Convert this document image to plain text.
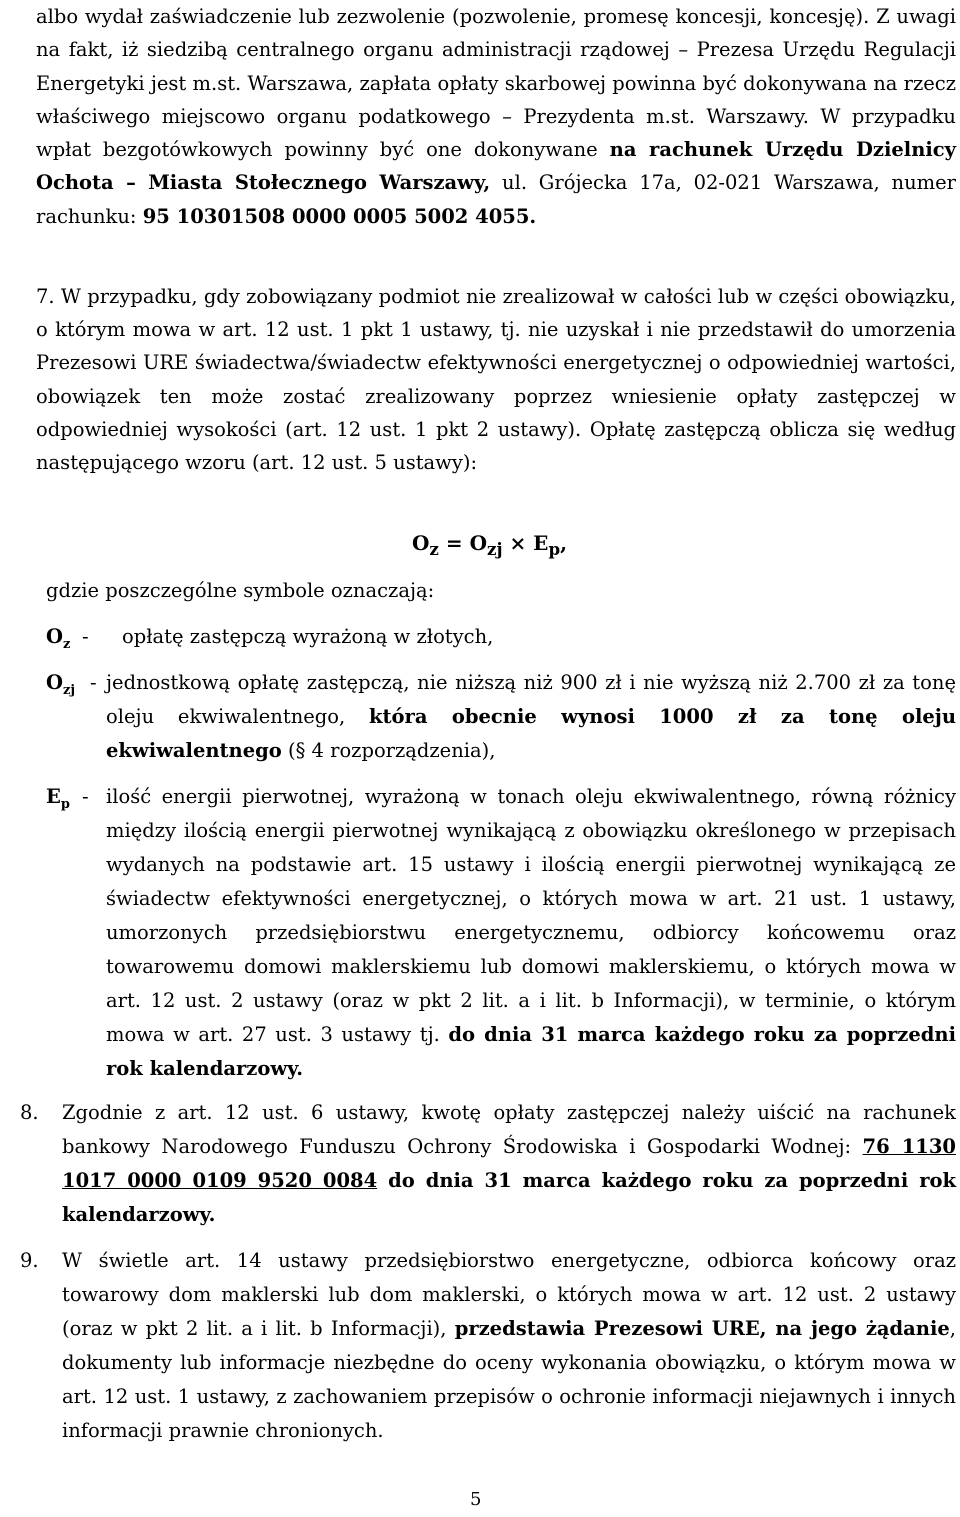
albo wydał zaświadczenie lub zezwolenie (pozwolenie, promesę koncesji, koncesję). Z uwagi na fakt, iż siedzibą centralnego organu administracji rządowej – Prezesa Urzędu Regulacji Energetyki jest m.st. Warszawa, zapłata opłaty skarbowej powinna być dokonywana na rzecz właściwego miejscowo organu podatkowego – Prezydenta m.st. Warszawy. W przypadku wpłat bezgotówkowych powinny być one dokonywane na rachunek Urzędu Dzielnicy Ochota – Miasta Stołecznego Warszawy, ul. Grójecka 17a, 02-021 Warszawa, numer rachunku: 95 10301508 0000 0005 5002 4055.

7. W przypadku, gdy zobowiązany podmiot nie zrealizował w całości lub w części obowiązku, o którym mowa w art. 12 ust. 1 pkt 1 ustawy, tj. nie uzyskał i nie przedstawił do umorzenia Prezesowi URE świadectwa/świadectw efektywności energetycznej o odpowiedniej wartości, obowiązek ten może zostać zrealizowany poprzez wniesienie opłaty zastępczej w odpowiedniej wysokości (art. 12 ust. 1 pkt 2 ustawy). Opłatę zastępczą oblicza się według następującego wzoru (art. 12 ust. 5 ustawy):

$O_z = O_{zj} \times E_p$,
gdzie poszczególne symbole oznaczają:
$O_z$ - opłatę zastępczą wyrażoną w złotych,
$O_{zj}$ - jednostkową opłatę zastępczą, nie niższą niż 900 zł i nie wyższą niż 2.700 zł za tonę oleju ekwiwalentnego, która obecnie wynosi 1000 zł za tonę oleju ekwiwalentnego (§ 4 rozporządzenia),
$E_p$ - ilość energii pierwotnej, wyrażoną w tonach oleju ekwiwalentnego, równą różnicy między ilością energii pierwotnej wynikającą z obowiązku określonego w przepisach wydanych na podstawie art. 15 ustawy i ilością energii pierwotnej wynikającą ze świadectw efektywności energetycznej, o których mowa w art. 21 ust. 1 ustawy, umorzonych przedsiębiorstwu energetycznemu, odbiorcy końcowemu oraz towarowemu domowi maklerskiemu lub domowi maklerskiemu, o których mowa w art. 12 ust. 2 ustawy (oraz w pkt 2 lit. a i lit. b Informacji), w terminie, o którym mowa w art. 27 ust. 3 ustawy tj. do dnia 31 marca każdego roku za poprzedni rok kalendarzowy.
8. Zgodnie z art. 12 ust. 6 ustawy, kwotę opłaty zastępczej należy uiścić na rachunek bankowy Narodowego Funduszu Ochrony Środowiska i Gospodarki Wodnej: 76 1130 1017 0000 0109 9520 0084 do dnia 31 marca każdego roku za poprzedni rok kalendarzowy.
9. W świetle art. 14 ustawy przedsiębiorstwo energetyczne, odbiorca końcowy oraz towarowy dom maklerski lub dom maklerski, o których mowa w art. 12 ust. 2 ustawy (oraz w pkt 2 lit. a i lit. b Informacji), przedstawia Prezesowi URE, na jego żądanie, dokumenty lub informacje niezbędne do oceny wykonania obowiązku, o którym mowa w art. 12 ust. 1 ustawy, z zachowaniem przepisów o ochronie informacji niejawnych i innych informacji prawnie chronionych.
5
